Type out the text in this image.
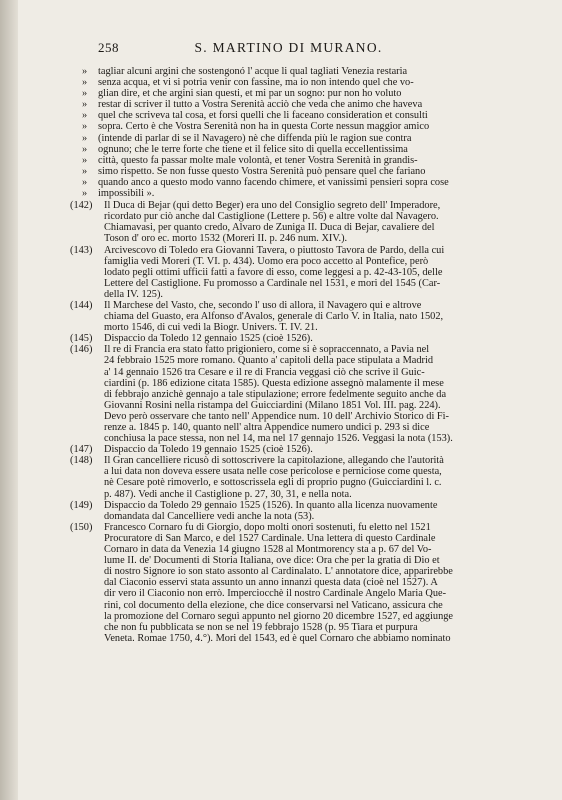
258	S. MARTINO DI MURANO.
» tagliar alcuni argini che sostengonó l' acque li qual tagliati Venezia restaria
» senza acqua, et vi si potria venir con fassine, ma io non intendo quel che vo-
» glian dire, et che argini sian questi, et mi par un sogno: pur non ho voluto
» restar di scriver il tutto a Vostra Serenità acciò che veda che animo che haveva
» quel che scriveva tal cosa, et forsi quelli che li faceano consideration et consulti
» sopra. Certo è che Vostra Serenità non ha in questa Corte nessun maggior amico
» (intende di parlar di se il Navagero) nè che diffenda più le ragion sue contra
» ognuno; che le terre forte che tiene et il felice sito di quella eccellentissima
» città, questo fa passar molte male volontà, et tener Vostra Serenità in grandis-
» simo rispetto. Se non fusse questo Vostra Serenità può pensare quel che fariano
» quando anco a questo modo vanno facendo chimere, et vanissimi pensieri sopra cose
» impossibili ».
(142) Il Duca di Bejar (qui detto Beger) era uno del Consiglio segreto dell' Imperadore,
ricordato pur ciò anche dal Castiglione (Lettere p. 56) e altre volte dal Navagero.
Chiamavasi, per quanto credo, Alvaro de Zuniga II. Duca di Bejar, cavaliere del
Toson d' oro ec. morto 1532 (Moreri II. p. 246 num. XIV.).
(143) Arcivescovo di Toledo era Giovanni Tavera, o piuttosto Tavora de Pardo, della cui
famiglia vedi Moreri (T. VI. p. 434). Uomo era poco accetto al Pontefice, però
lodato pegli ottimi ufficii fatti a favore di esso, come leggesi a p. 42-43-105, delle
Lettere del Castiglione. Fu promosso a Cardinale nel 1531, e mori del 1545 (Car-
della IV. 125).
(144) Il Marchese del Vasto, che, secondo l' uso di allora, il Navagero qui e altrove
chiama del Guasto, era Alfonso d'Avalos, generale di Carlo V. in Italia, nato 1502,
morto 1546, di cui vedi la Biogr. Univers. T. IV. 21.
(145) Dispaccio da Toledo 12 gennaio 1525 (cioè 1526).
(146) Il re di Francia era stato fatto prigioniero, come si è sopraccennato, a Pavia nel
24 febbraio 1525 more romano. Quanto a' capitoli della pace stipulata a Madrid
a' 14 gennaio 1526 tra Cesare e il re di Francia veggasi ciò che scrive il Guic-
ciardini (p. 186 edizione citata 1585). Questa edizione assegnò malamente il mese
di febbrajo anzichè gennajo a tale stipulazione; errore fedelmente seguito anche da
Giovanni Rosini nella ristampa del Guicciardini (Milano 1851 Vol. III. pag. 224).
Devo però osservare che tanto nell' Appendice num. 10 dell' Archivio Storico di Fi-
renze a. 1845 p. 140, quanto nell' altra Appendice numero undici p. 293 si dice
conchiusa la pace stessa, non nel 14, ma nel 17 gennajo 1526. Veggasi la nota (153).
(147) Dispaccio da Toledo 19 gennaio 1525 (cioè 1526).
(148) Il Gran cancelliere ricusò di sottoscrivere la capitolazione, allegando che l'autorità
a lui data non doveva essere usata nelle cose pericolose e perniciose come questa,
nè Cesare potè rimoverlo, e sottoscrissela egli di proprio pugno (Guicciardini l. c.
p. 487). Vedi anche il Castiglione p. 27, 30, 31, e nella nota.
(149) Dispaccio da Toledo 29 gennaio 1525 (1526). In quanto alla licenza nuovamente
domandata dal Cancelliere vedi anche la nota (53).
(150) Francesco Cornaro fu di Giorgio, dopo molti onori sostenuti, fu eletto nel 1521
Procuratore di San Marco, e del 1527 Cardinale. Una lettera di questo Cardinale
Cornaro in data da Venezia 14 giugno 1528 al Montmorency sta a p. 67 del Vo-
lume II. de' Documenti di Storia Italiana, ove dice: Ora che per la gratia di Dio et
di nostro Signore io son stato assonto al Cardinalato. L' annotatore dice, apparirebbe
dal Ciaconio esservi stata assunto un anno innanzi questa data (cioè nel 1527). A
dir vero il Ciaconio non errò. Imperciocchè il nostro Cardinale Angelo Maria Que-
rini, col documento della elezione, che dice conservarsi nel Vaticano, assicura che
la promozione del Cornaro seguì appunto nel giorno 20 dicembre 1527, ed aggiunge
che non fu pubblicata se non se nel 19 febbrajo 1528 (p. 95 Tiara et purpura
Veneta. Romae 1750, 4.°). Mori del 1543, ed è quel Cornaro che abbiamo nominato
